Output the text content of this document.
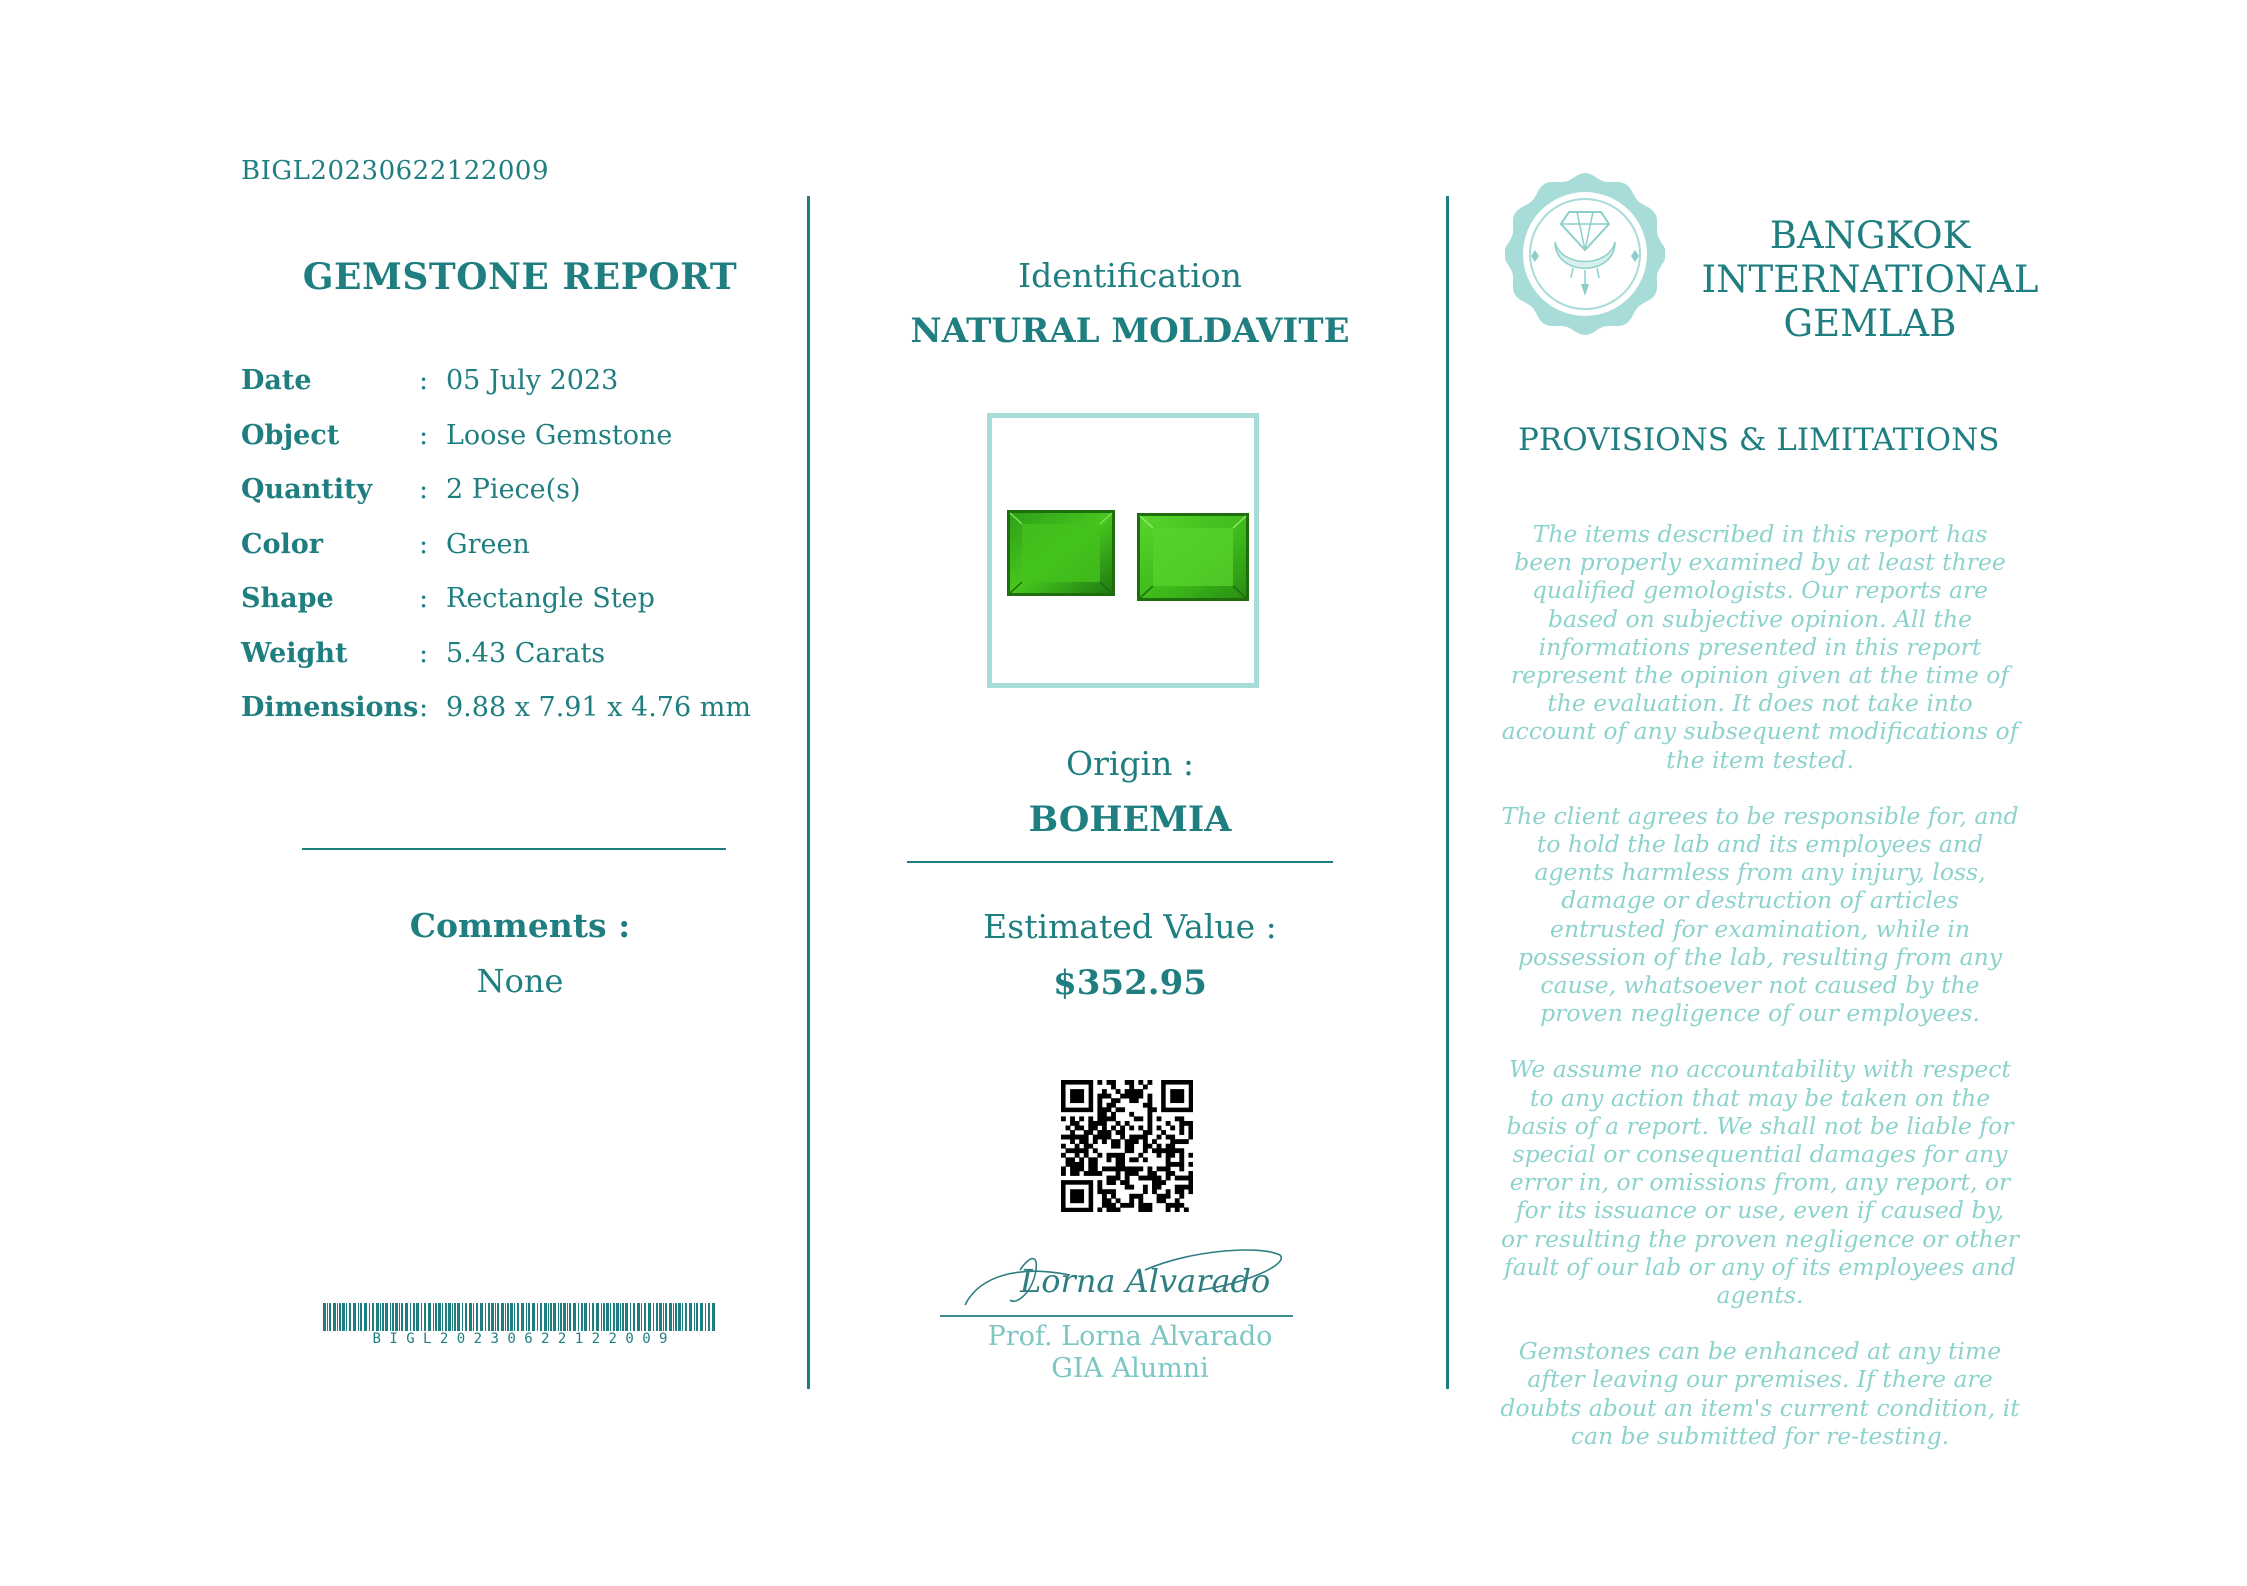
BIGL20230622122009
GEMSTONE REPORT
Date	: 05 July 2023
Object	: Loose Gemstone
Quantity : 2 Piece(s)
Color	: Green
Shape	: Rectangle Step
Weight	: 5.43 Carats
Dimensions : 9.88 x 7.91 x 4.76 mm
Comments :
None
B I G L 2 0 2 3 0 6 2 2 1 2 2 0 0 9
Identification
NATURAL MOLDAVITE
Origin :
BOHEMIA
Estimated Value :
$352.95
Lorna Alvarado
Prof. Lorna Alvarado
GIA Alumni
BANGKOK
INTERNATIONAL
GEMLAB
PROVISIONS & LIMITATIONS

The items described in this report has been properly examined by at least three qualified gemologists. Our reports are based on subjective opinion. All the informations presented in this report represent the opinion given at the time of the evaluation. It does not take into account of any subsequent modifications of the item tested.

The client agrees to be responsible for, and to hold the lab and its employees and agents harmless from any injury, loss, damage or destruction of articles entrusted for examination, while in possession of the lab, resulting from any cause, whatsoever not caused by the proven negligence of our employees.

We assume no accountability with respect to any action that may be taken on the basis of a report. We shall not be liable for special or consequential damages for any error in, or omissions from, any report, or for its issuance or use, even if caused by, or resulting the proven negligence or other fault of our lab or any of its employees and agents.

Gemstones can be enhanced at any time after leaving our premises. If there are doubts about an item's current condition, it can be submitted for re-testing.
